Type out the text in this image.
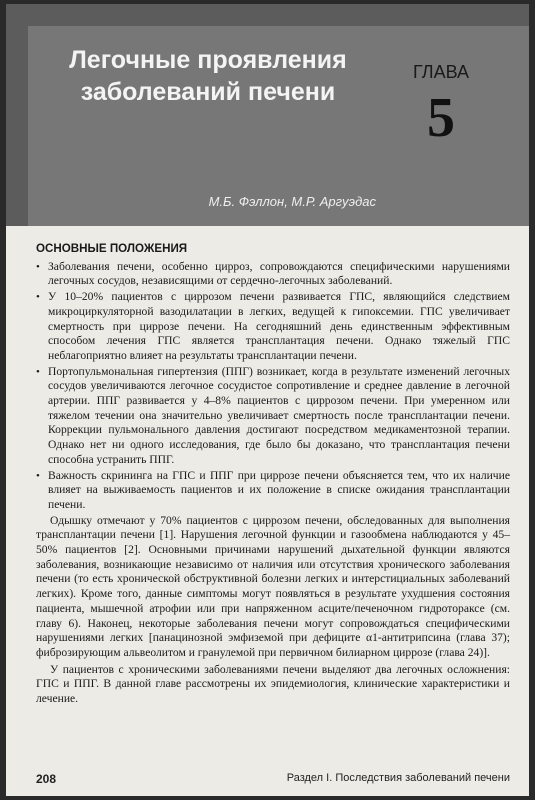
Легочные проявления
заболеваний печени
ГЛАВА
5
М.Б. Фэллон, М.Р. Аргуэдас
ОСНОВНЫЕ ПОЛОЖЕНИЯ
• Заболевания печени, особенно цирроз, сопровождаются специфическими нарушениями легочных сосудов, независящими от сердечно-легочных заболеваний.
• У 10–20% пациентов с циррозом печени развивается ГПС, являющийся следствием микроциркуляторной вазодилатации в легких, ведущей к гипоксемии. ГПС увеличивает смертность при циррозе печени. На сегодняшний день единственным эффективным способом лечения ГПС является трансплантация печени. Однако тяжелый ГПС неблагоприятно влияет на результаты трансплантации печени.
• Портопульмональная гипертензия (ППГ) возникает, когда в результате изменений легочных сосудов увеличиваются легочное сосудистое сопротивление и среднее давление в легочной артерии. ППГ развивается у 4–8% пациентов с циррозом печени. При умеренном или тяжелом течении она значительно увеличивает смертность после трансплантации печени. Коррекции пульмонального давления достигают посредством медикаментозной терапии. Однако нет ни одного исследования, где было бы доказано, что трансплантация печени способна устранить ППГ.
• Важность скрининга на ГПС и ППГ при циррозе печени объясняется тем, что их наличие влияет на выживаемость пациентов и их положение в списке ожидания трансплантации печени.

Одышку отмечают у 70% пациентов с циррозом печени, обследованных для выполнения трансплантации печени [1]. Нарушения легочной функции и газообмена наблюдаются у 45–50% пациентов [2]. Основными причинами нарушений дыхательной функции являются заболевания, возникающие независимо от наличия или отсутствия хронического заболевания печени (то есть хронической обструктивной болезни легких и интерстициальных заболеваний легких). Кроме того, данные симптомы могут появляться в результате ухудшения состояния пациента, мышечной атрофии или при напряженном асците/печеночном гидротораксе (см. главу 6). Наконец, некоторые заболевания печени могут сопровождаться специфическими нарушениями легких [панацинозной эмфиземой при дефиците α1-антитрипсина (глава 37); фиброзирующим альвеолитом и гранулемой при первичном билиарном циррозе (глава 24)].

У пациентов с хроническими заболеваниями печени выделяют два легочных осложнения: ГПС и ППГ. В данной главе рассмотрены их эпидемиология, клинические характеристики и лечение.

208	Раздел I. Последствия заболеваний печени
